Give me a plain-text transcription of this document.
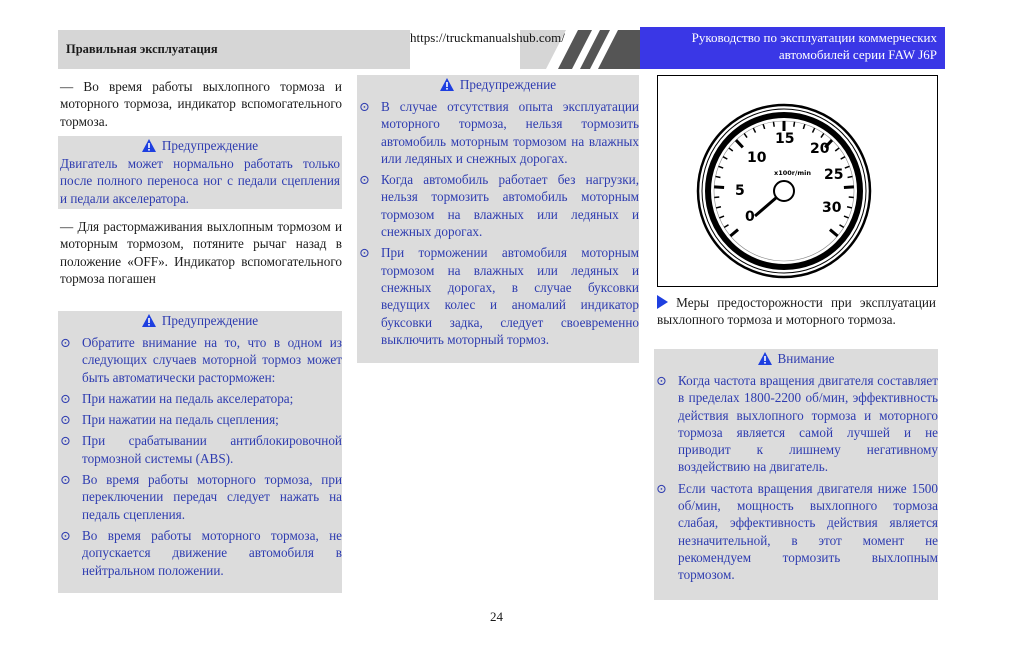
Правильная эксплуатация
https://truckmanualshub.com/	Руководство по эксплуатации коммерческих
автомобилей серии FAW J6P
— Во время работы выхлопного тормоза и моторного тормоза, индикатор вспомогательного тормоза.
Предупреждение
Двигатель может нормально работать только после полного переноса ног с педали сцепления и педали акселератора.
— Для растормаживания выхлопным тормозом и моторным тормозом, потяните рычаг назад в положение «OFF». Индикатор вспомогательного тормоза погашен
Предупреждение
⊙ Обратите внимание на то, что в одном из следующих случаев моторной тормоз может быть автоматически расторможен:
⊙ При нажатии на педаль акселератора;
⊙ При нажатии на педаль сцепления;
⊙ При срабатывании антиблокировочной тормозной системы (ABS).
⊙ Во время работы моторного тормоза, при переключении передач следует нажать на педаль сцепления.
⊙ Во время работы моторного тормоза, не допускается движение автомобиля в нейтральном положении.
Предупреждение
⊙ В случае отсутствия опыта эксплуатации моторного тормоза, нельзя тормозить автомобиль моторным тормозом на влажных или ледяных и снежных дорогах.
⊙ Когда автомобиль работает без нагрузки, нельзя тормозить автомобиль моторным тормозом на влажных или ледяных и снежных дорогах.
⊙ При торможении автомобиля моторным тормозом на влажных или ледяных и снежных дорогах, в случае буксовки ведущих колес и аномалий индикатор буксовки задка, следует своевременно выключить моторный тормоз.
0
5
10
15
20
25
30
x100r/min
Меры предосторожности при эксплуатации выхлопного тормоза и моторного тормоза.
Внимание
⊙ Когда частота вращения двигателя составляет в пределах 1800-2200 об/мин, эффективность действия выхлопного тормоза и моторного тормоза является самой лучшей и не приводит к лишнему негативному воздействию на двигатель.
⊙ Если частота вращения двигателя ниже 1500 об/мин, мощность выхлопного тормоза слабая, эффективность действия является незначительной, в этот момент не рекомендуем тормозить выхлопным тормозом.
24
